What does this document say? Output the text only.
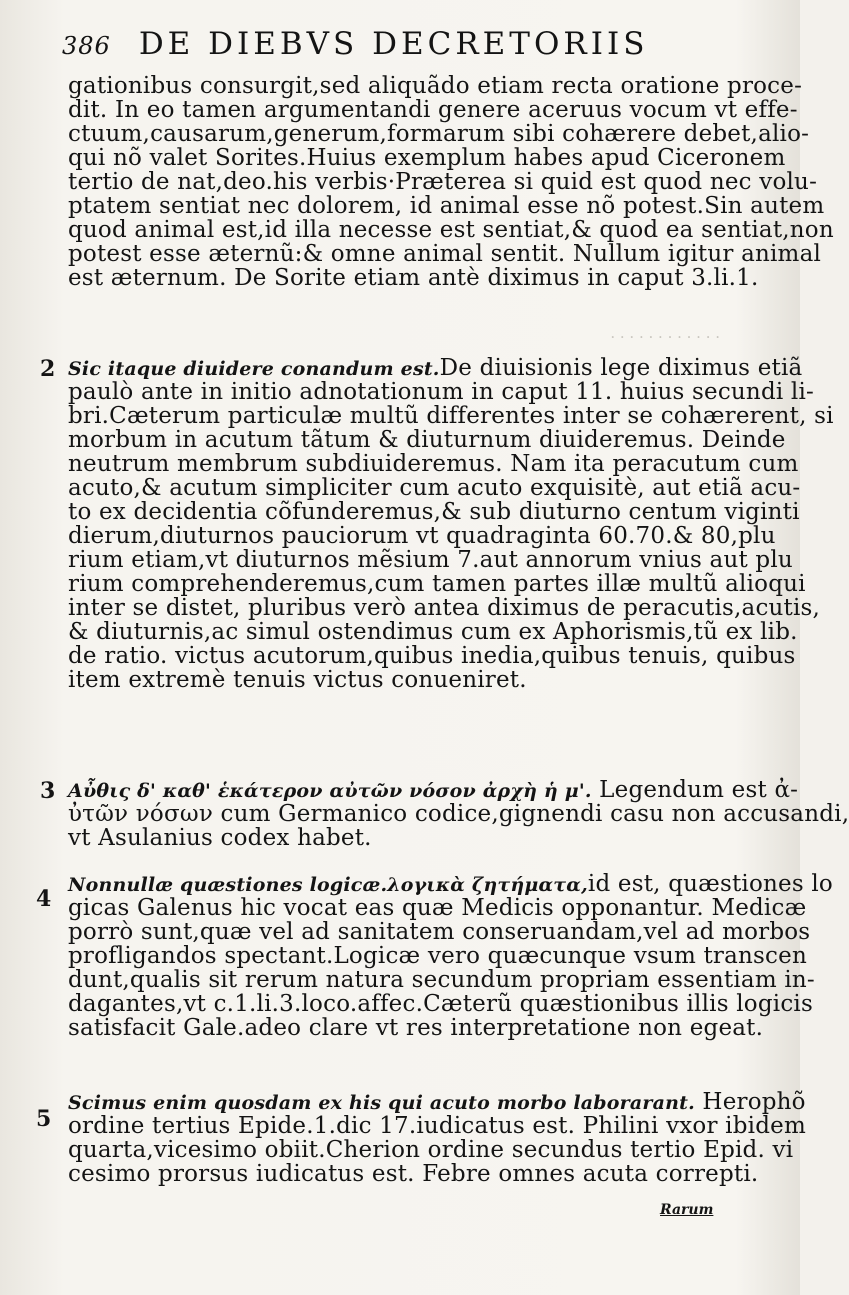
386 DE DIEBVS DECRETORIIS
· · · · · · · · · · · ·
gationibus consurgit,sed aliquãdo etiam recta oratione proce-
dit. In eo tamen argumentandi genere aceruus vocum vt effe-
ctuum,causarum,generum,formarum sibi cohærere debet,alio-
qui nõ valet Sorites.Huius exemplum habes apud Ciceronem
tertio de nat,deo.his verbis·Præterea si quid est quod nec volu-
ptatem sentiat nec dolorem, id animal esse nõ potest.Sin autem
quod animal est,id illa necesse est sentiat,& quod ea sentiat,non
potest esse æternũ:& omne animal sentit. Nullum igitur animal
est æternum. De Sorite etiam antè diximus in caput 3.li.1.
2 Sic itaque diuidere conandum est.De diuisionis lege diximus etiã
paulò ante in initio adnotationum in caput 11. huius secundi li-
bri.Cæterum particulæ multũ differentes inter se cohærerent, si
morbum in acutum tãtum & diuturnum diuideremus. Deinde
neutrum membrum subdiuideremus. Nam ita peracutum cum
acuto,& acutum simpliciter cum acuto exquisitè, aut etiã acu-
to ex decidentia cõfunderemus,& sub diuturno centum viginti
dierum,diuturnos pauciorum vt quadraginta 60.70.& 80,plu
rium etiam,vt diuturnos mẽsium 7.aut annorum vnius aut plu
rium comprehenderemus,cum tamen partes illæ multũ alioqui
inter se distet, pluribus verò antea diximus de peracutis,acutis,
& diuturnis,ac simul ostendimus cum ex Aphorismis,tũ ex lib.
de ratio. victus acutorum,quibus inedia,quibus tenuis, quibus
item extremè tenuis victus conueniret.
3 Αὖθις δ' καθ' ἑκάτερον αὐτῶν νόσον ἀρχὴ ἡ μ'. Legendum est ἀ-
ὐτῶν νόσων cum Germanico codice,gignendi casu non accusandi,
vt Asulanius codex habet.
4
Nonnullæ quæstiones logicæ.λογικὰ ζητήματα,id est, quæstiones lo
gicas Galenus hic vocat eas quæ Medicis opponantur. Medicæ
porrò sunt,quæ vel ad sanitatem conseruandam,vel ad morbos
profligandos spectant.Logicæ vero quæcunque vsum transcen
dunt,qualis sit rerum natura secundum propriam essentiam in-
dagantes,vt c.1.li.3.loco.affec.Cæterũ quæstionibus illis logicis
satisfacit Gale.adeo clare vt res interpretatione non egeat.
5
Scimus enim quosdam ex his qui acuto morbo laborarant. Herophõ
ordine tertius Epide.1.dic 17.iudicatus est. Philini vxor ibidem
quarta,vicesimo obiit.Cherion ordine secundus tertio Epid. vi
cesimo prorsus iudicatus est. Febre omnes acuta correpti.
Rarum
